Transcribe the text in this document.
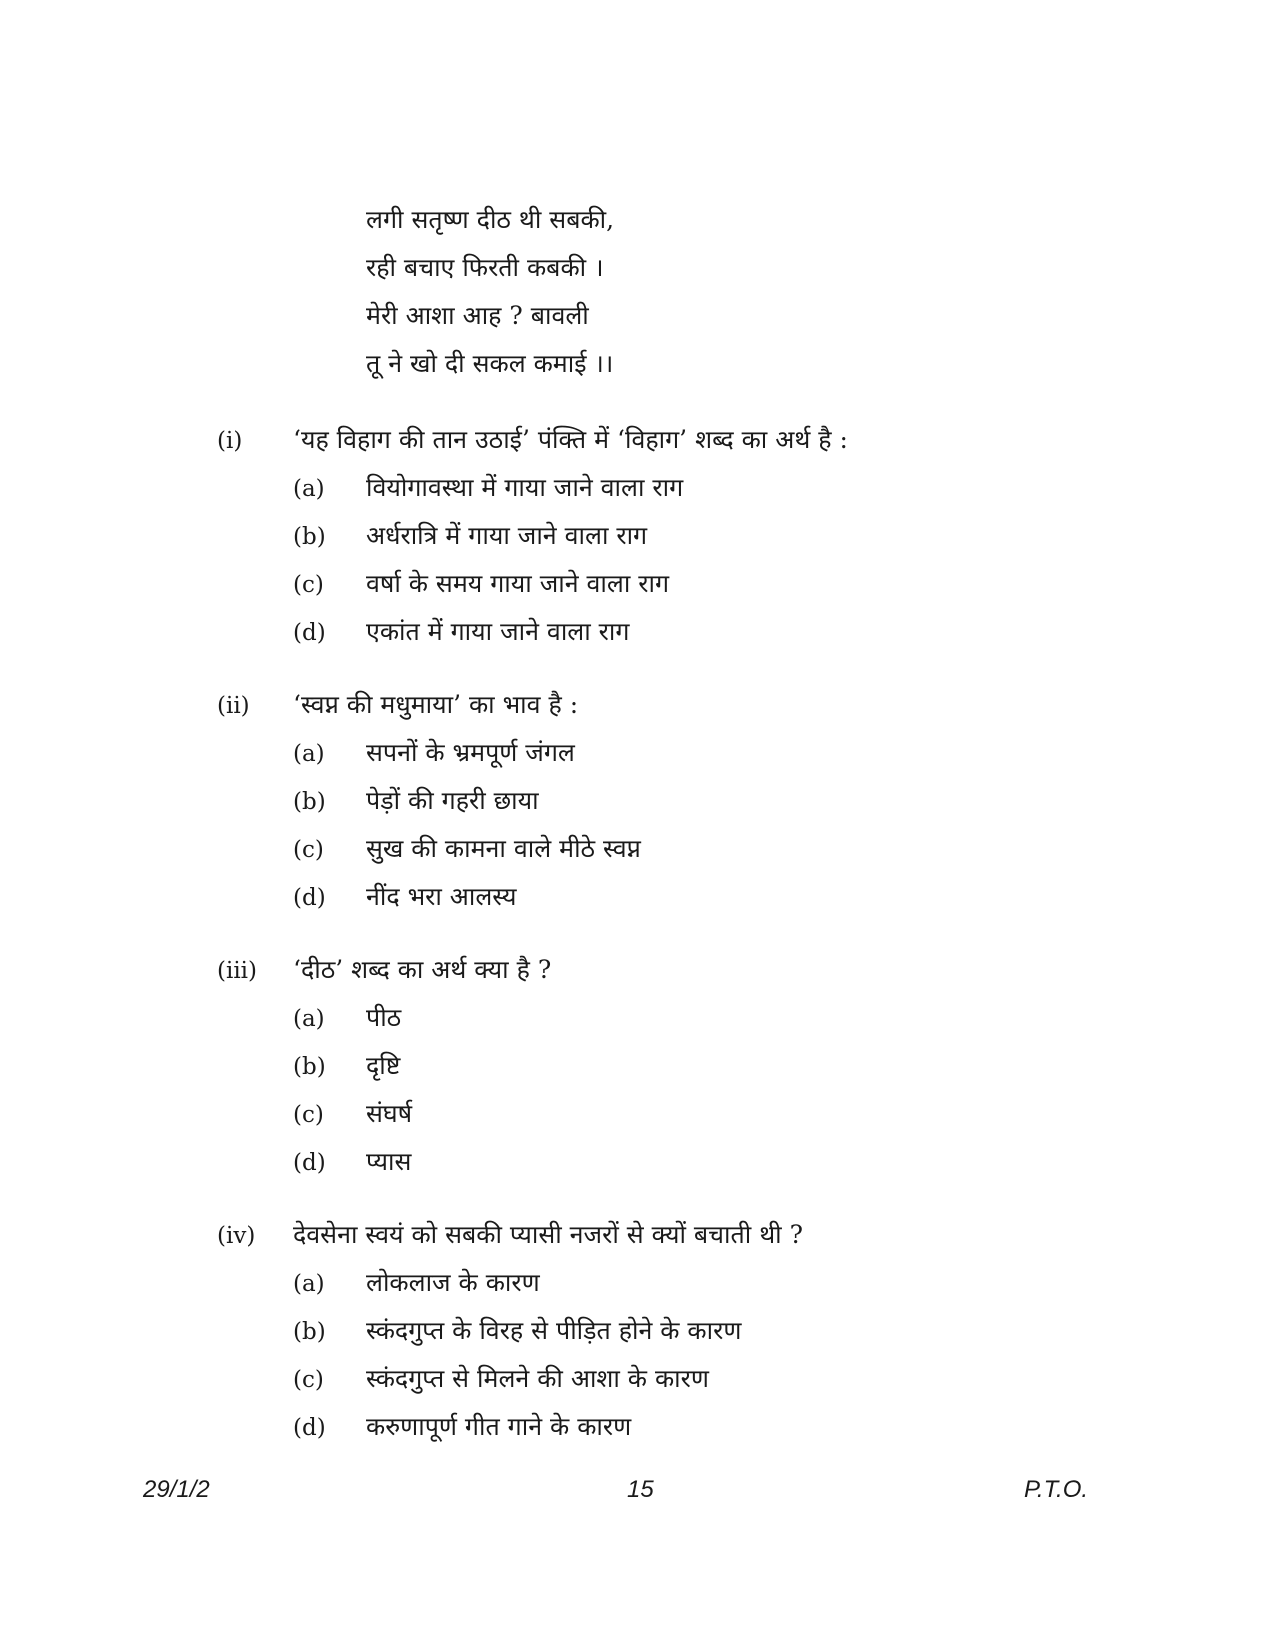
लगी सतृष्ण दीठ थी सबकी,
रही बचाए फिरती कबकी ।
मेरी आशा आह ? बावली
तू ने खो दी सकल कमाई ।।
(i)	‘यह विहाग की तान उठाई’ पंक्ति में ‘विहाग’ शब्द का अर्थ है :
(a)	वियोगावस्था में गाया जाने वाला राग
(b)	अर्धरात्रि में गाया जाने वाला राग
(c)	वर्षा के समय गाया जाने वाला राग
(d)	एकांत में गाया जाने वाला राग
(ii)	‘स्वप्न की मधुमाया’ का भाव है :
(a)	सपनों के भ्रमपूर्ण जंगल
(b)	पेड़ों की गहरी छाया
(c)	सुख की कामना वाले मीठे स्वप्न
(d)	नींद भरा आलस्य
(iii)	‘दीठ’ शब्द का अर्थ क्या है ?
(a)	पीठ
(b)	दृष्टि
(c)	संघर्ष
(d)	प्यास
(iv)	देवसेना स्वयं को सबकी प्यासी नजरों से क्यों बचाती थी ?
(a)	लोकलाज के कारण
(b)	स्कंदगुप्त के विरह से पीड़ित होने के कारण
(c)	स्कंदगुप्त से मिलने की आशा के कारण
(d)	करुणापूर्ण गीत गाने के कारण
29/1/2	15	P.T.O.
